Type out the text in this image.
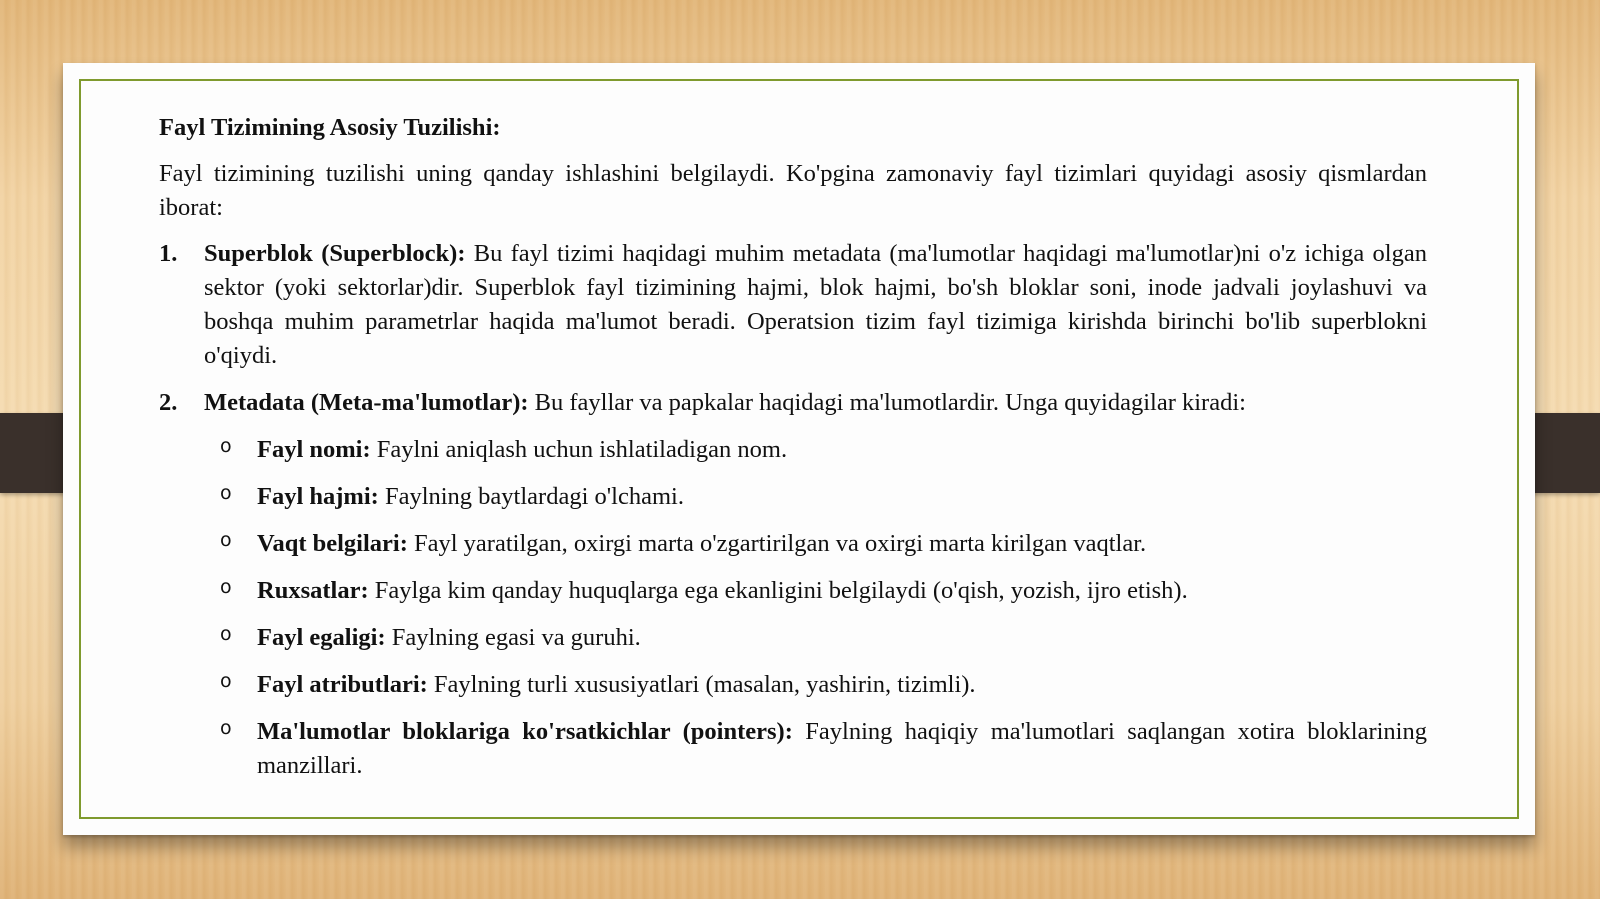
Fayl Tizimining Asosiy Tuzilishi:
Fayl tizimining tuzilishi uning qanday ishlashini belgilaydi. Ko'pgina zamonaviy fayl tizimlari quyidagi asosiy qismlardan iborat:
1. Superblok (Superblock): Bu fayl tizimi haqidagi muhim metadata (ma'lumotlar haqidagi ma'lumotlar)ni o'z ichiga olgan sektor (yoki sektorlar)dir. Superblok fayl tizimining hajmi, blok hajmi, bo'sh bloklar soni, inode jadvali joylashuvi va boshqa muhim parametrlar haqida ma'lumot beradi. Operatsion tizim fayl tizimiga kirishda birinchi bo'lib superblokni o'qiydi.
2. Metadata (Meta-ma'lumotlar): Bu fayllar va papkalar haqidagi ma'lumotlardir. Unga quyidagilar kiradi:
o Fayl nomi: Faylni aniqlash uchun ishlatiladigan nom.
o Fayl hajmi: Faylning baytlardagi o'lchami.
o Vaqt belgilari: Fayl yaratilgan, oxirgi marta o'zgartirilgan va oxirgi marta kirilgan vaqtlar.
o Ruxsatlar: Faylga kim qanday huquqlarga ega ekanligini belgilaydi (o'qish, yozish, ijro etish).
o Fayl egaligi: Faylning egasi va guruhi.
o Fayl atributlari: Faylning turli xususiyatlari (masalan, yashirin, tizimli).
o Ma'lumotlar bloklariga ko'rsatkichlar (pointers): Faylning haqiqiy ma'lumotlari saqlangan xotira bloklarining manzillari.
